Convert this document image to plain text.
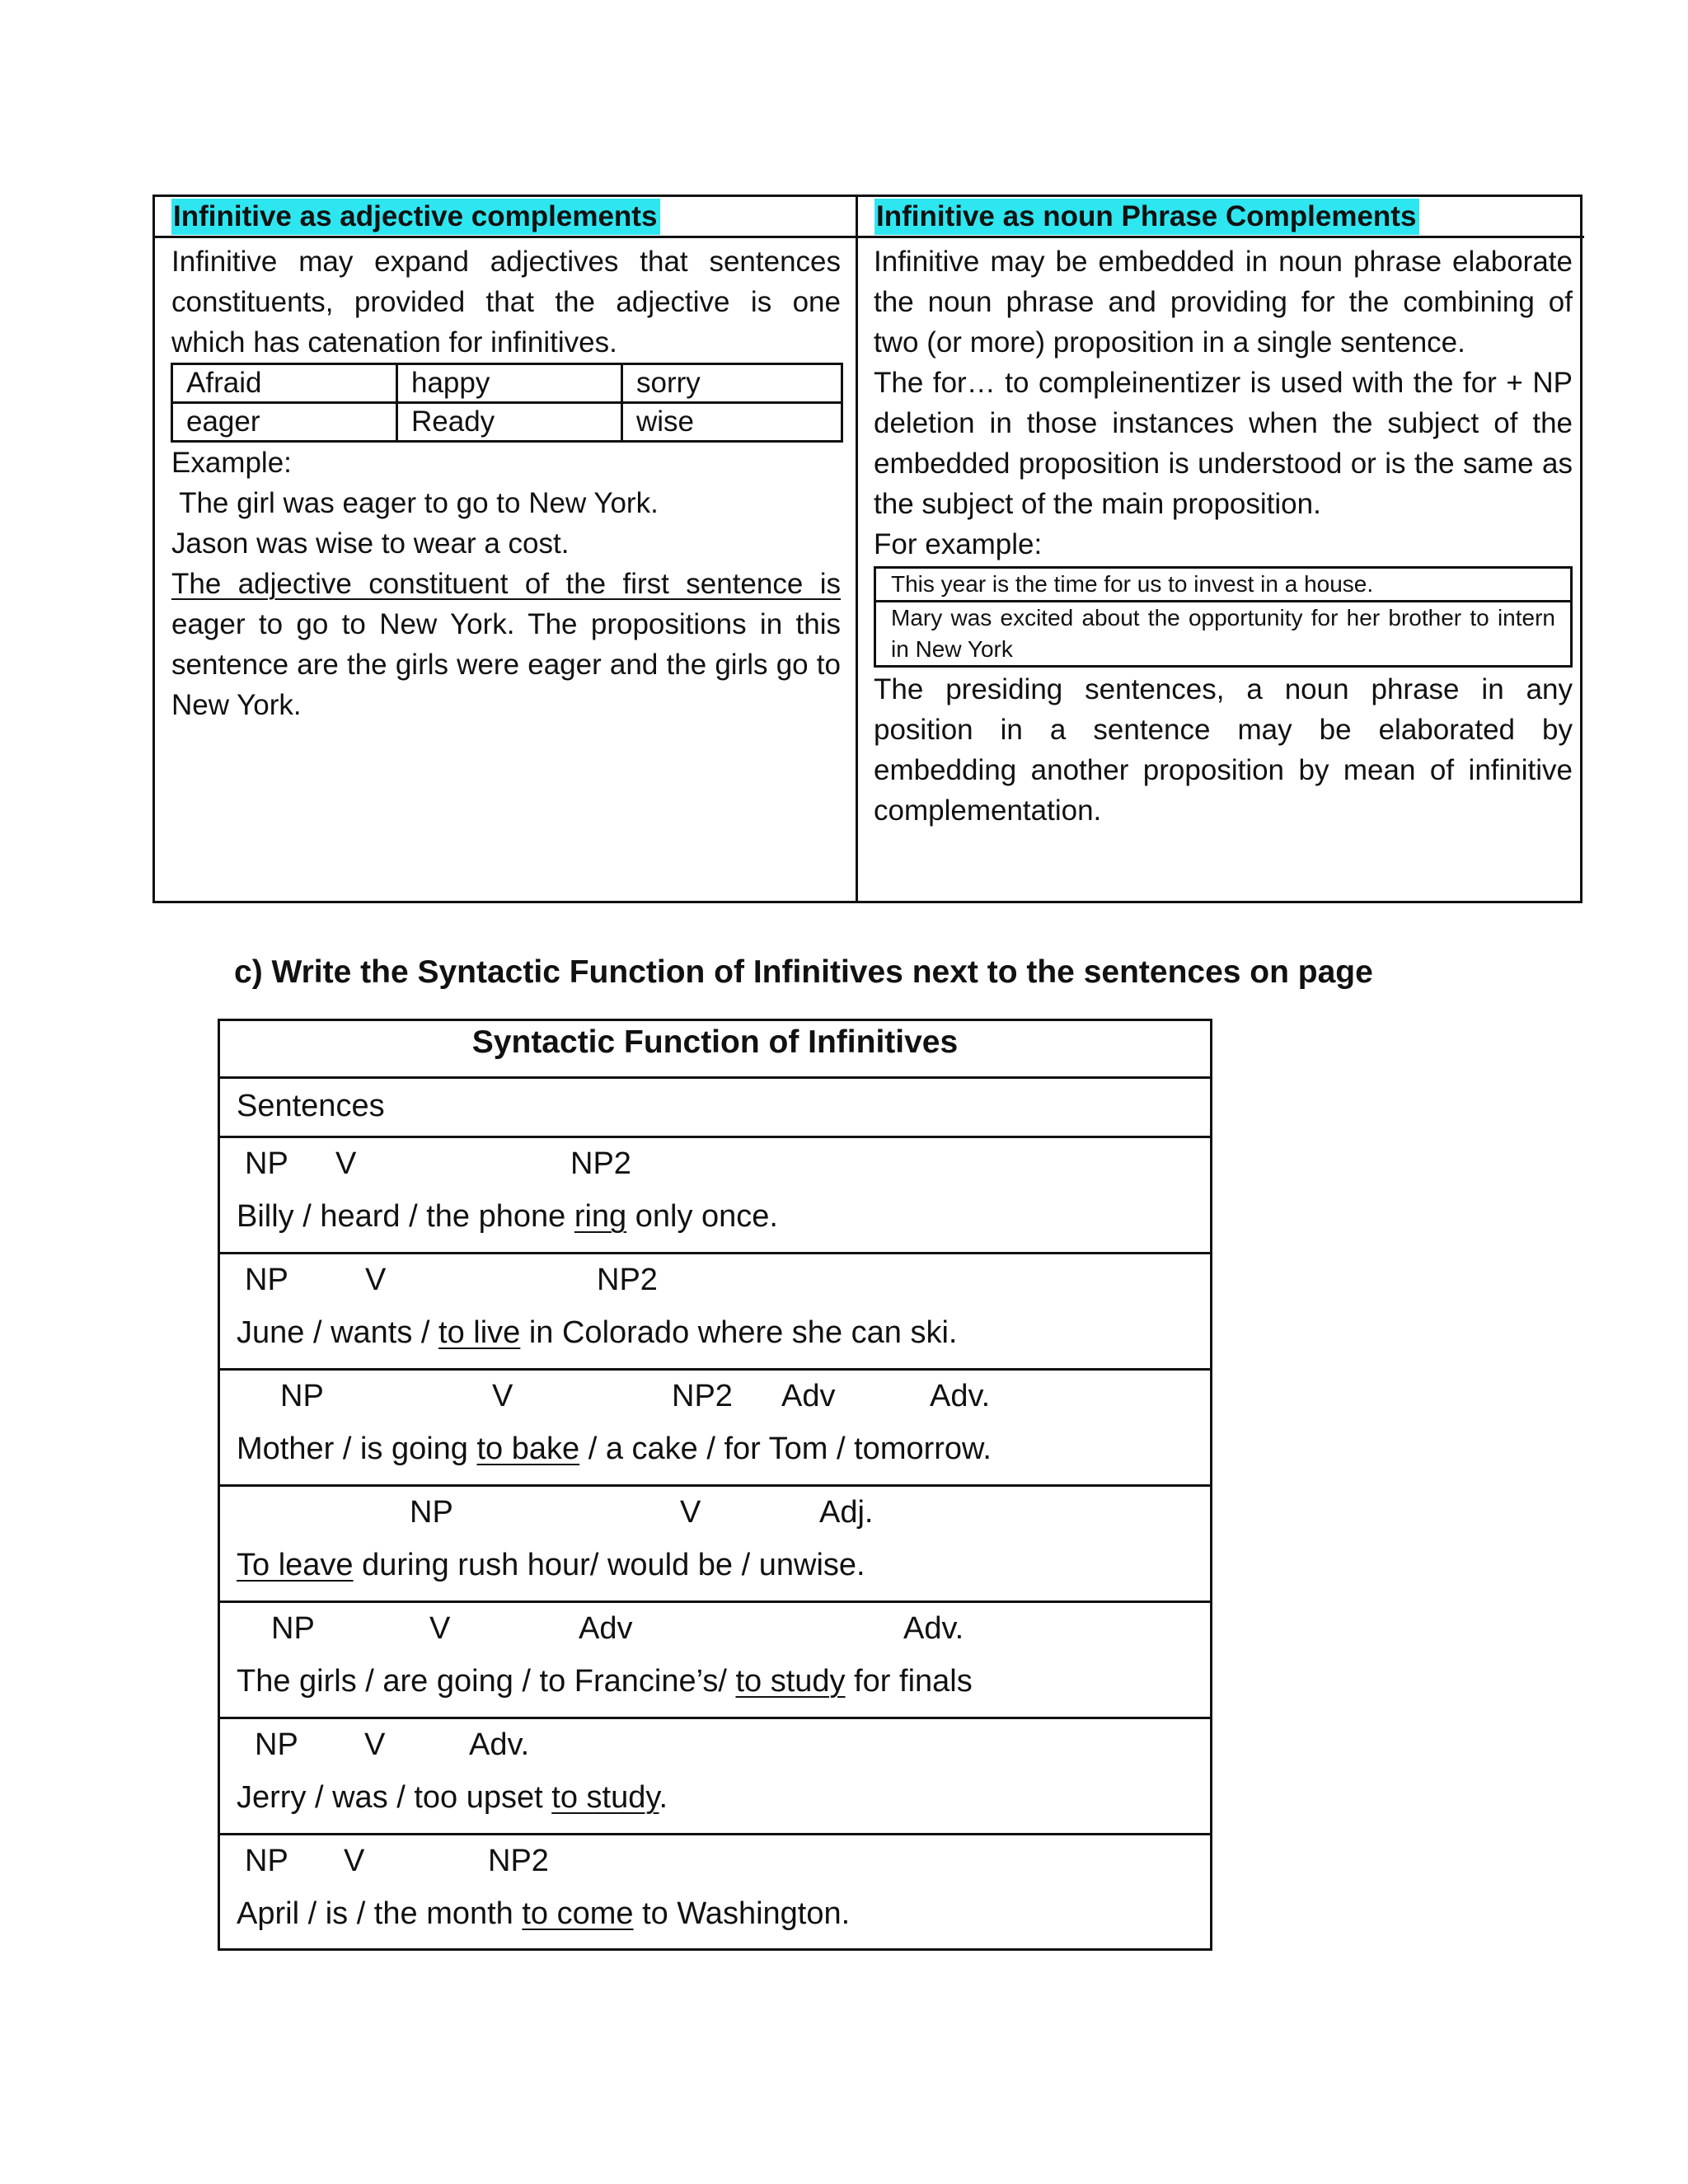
Infinitive as adjective complements	Infinitive as noun Phrase Complements
Infinitive may expand adjectives that sentences constituents, provided that the adjective is one which has catenation for infinitives.
Afraid	happy	sorry
eager	Ready	wise
Example:
The girl was eager to go to New York.
Jason was wise to wear a cost.
The adjective constituent of the first sentence is
eager to go to New York. The propositions in this sentence are the girls were eager and the girls go to New York.
Infinitive may be embedded in noun phrase elaborate the noun phrase and providing for the combining of two (or more) proposition in a single sentence.
The for… to compleinentizer is used with the for + NP deletion in those instances when the subject of the embedded proposition is understood or is the same as the subject of the main proposition.
For example:
This year is the time for us to invest in a house.
Mary was excited about the opportunity for her brother to intern in New York
The presiding sentences, a noun phrase in any position in a sentence may be elaborated by embedding another proposition by mean of infinitive complementation.
c) Write the Syntactic Function of Infinitives next to the sentences on page
Syntactic Function of Infinitives
Sentences
NP V	NP2
Billy / heard / the phone ring only once.
NP V	NP2
June / wants / to live in Colorado where she can ski.
NP	V	NP2 Adv	Adv.
Mother / is going to bake / a cake / for Tom / tomorrow.
NP	V	Adj.
To leave during rush hour/ would be / unwise.
NP	V	Adv	Adv.
The girls / are going / to Francine’s/ to study for finals
NP V	Adv.
Jerry / was / too upset to study.
NP V	NP2
April / is / the month to come to Washington.
